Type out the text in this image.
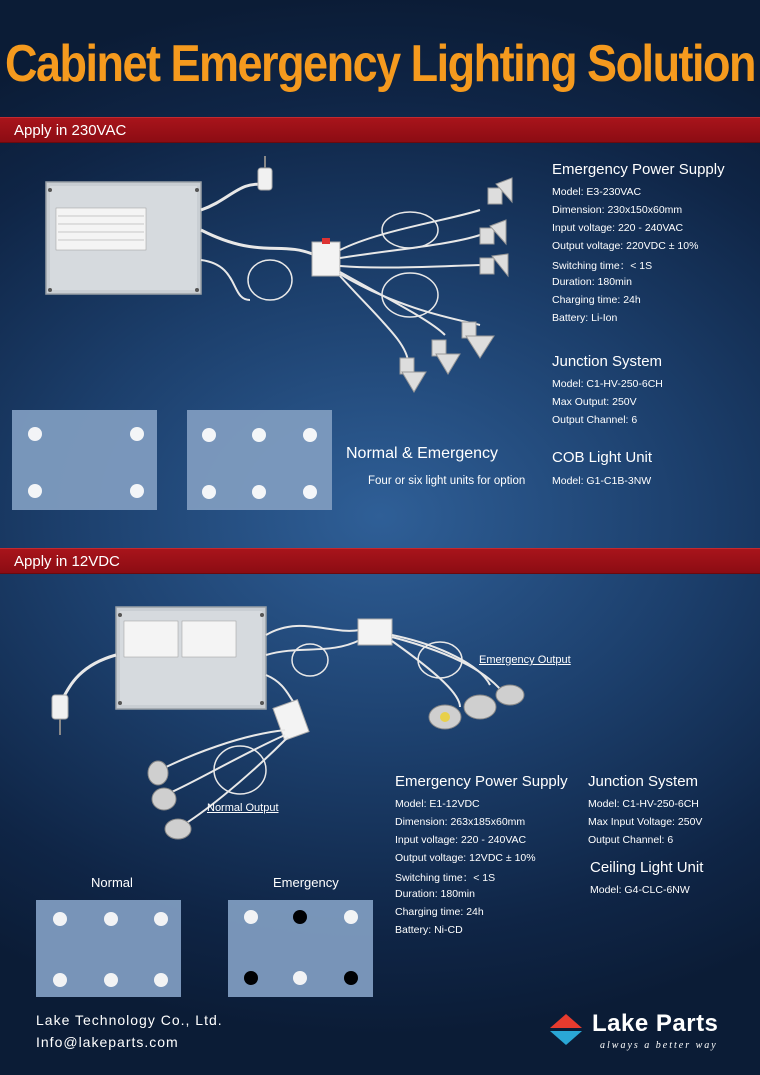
Cabinet Emergency Lighting Solution
Apply in 230VAC
Emergency Power Supply
Model: E3-230VAC
Dimension: 230x150x60mm
Input voltage: 220 - 240VAC
Output voltage: 220VDC ± 10%
Switching time：< 1S
Duration: 180min
Charging time: 24h
Battery: Li-Ion
Junction System
Model: C1-HV-250-6CH
Max Output: 250V
Output Channel: 6
COB Light Unit
Model: G1-C1B-3NW
Normal & Emergency
Four or six light units for option
Apply in 12VDC
Emergency Output
Normal Output
Emergency Power Supply
Model: E1-12VDC
Dimension: 263x185x60mm
Input voltage: 220 - 240VAC
Output voltage: 12VDC ± 10%
Switching time：< 1S
Duration: 180min
Charging time: 24h
Battery: Ni-CD
Junction System
Model: C1-HV-250-6CH
Max Input Voltage: 250V
Output Channel: 6
Ceiling Light Unit
Model: G4-CLC-6NW
Normal	Emergency
Lake Technology Co., Ltd.
Info@lakeparts.com
Lake Parts
always a better way
